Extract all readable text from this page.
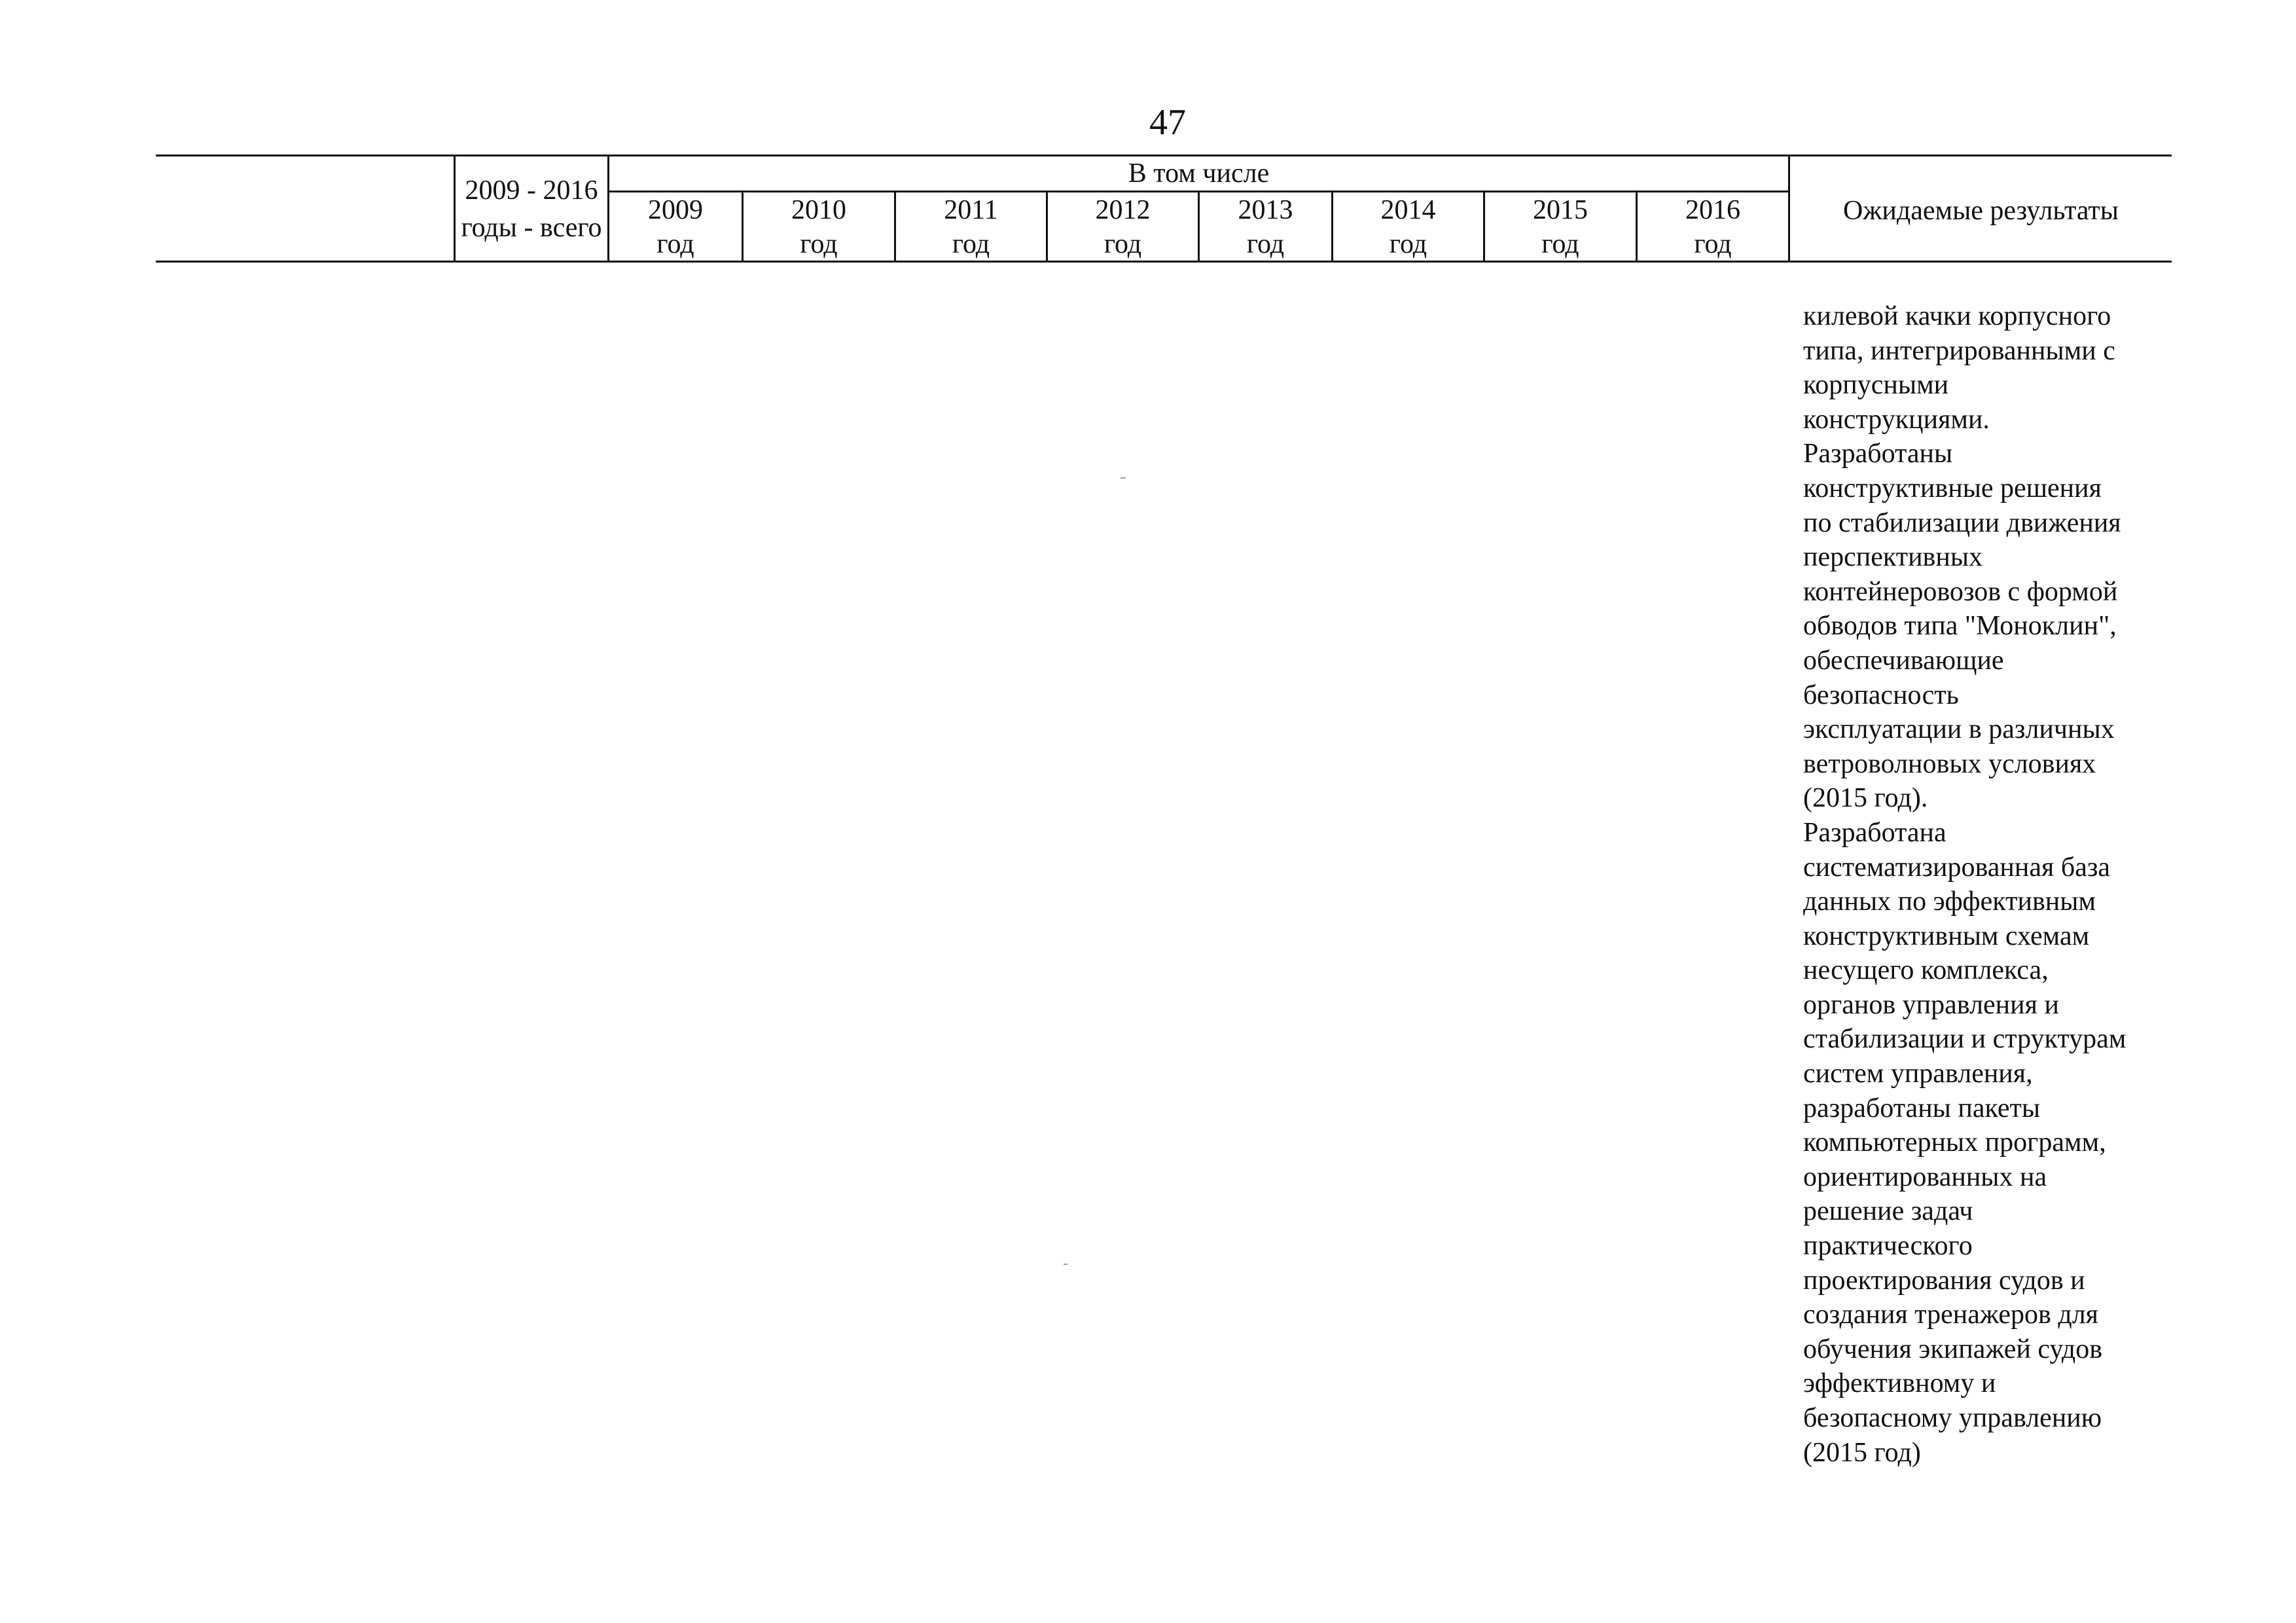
47
2009 - 2016
годы - всего
В том числе
2009
год
2010
год
2011
год
2012
год
2013
год
2014
год
2015
год
2016
год
Ожидаемые результаты
килевой качки корпусного
типа, интегрированными с
корпусными
конструкциями.
Разработаны
конструктивные решения
по стабилизации движения
перспективных
контейнеровозов с формой
обводов типа "Моноклин",
обеспечивающие
безопасность
эксплуатации в различных
ветроволновых условиях
(2015 год).
Разработана
систематизированная база
данных по эффективным
конструктивным схемам
несущего комплекса,
органов управления и
стабилизации и структурам
систем управления,
разработаны пакеты
компьютерных программ,
ориентированных на
решение задач
практического
проектирования судов и
создания тренажеров для
обучения экипажей судов
эффективному и
безопасному управлению
(2015 год)
